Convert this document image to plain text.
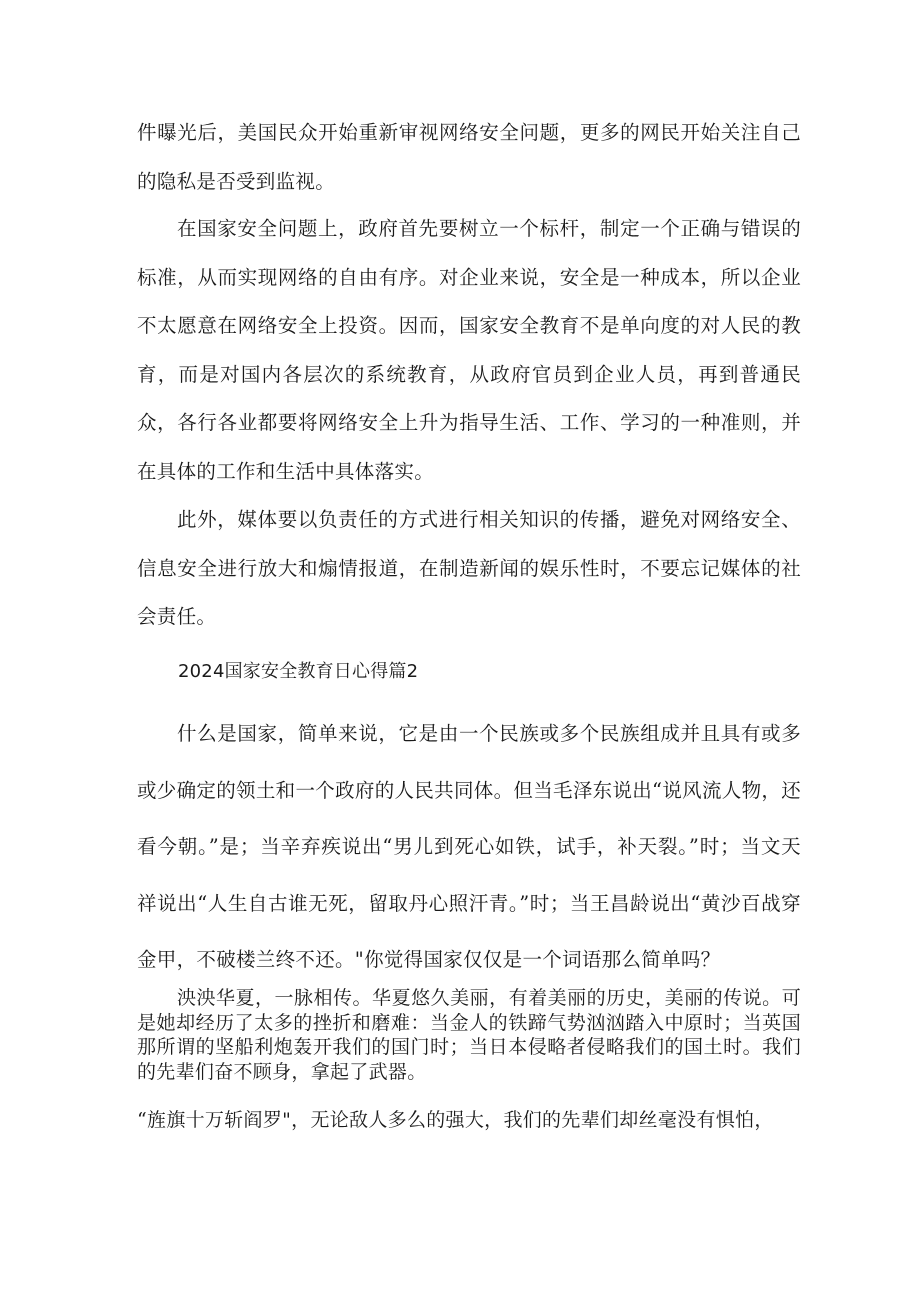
件曝光后，美国民众开始重新审视网络安全问题，更多的网民开始关注自己的隐私是否受到监视。

在国家安全问题上，政府首先要树立一个标杆，制定一个正确与错误的标准，从而实现网络的自由有序。对企业来说，安全是一种成本，所以企业不太愿意在网络安全上投资。因而，国家安全教育不是单向度的对人民的教育，而是对国内各层次的系统教育，从政府官员到企业人员，再到普通民众，各行各业都要将网络安全上升为指导生活、工作、学习的一种准则，并在具体的工作和生活中具体落实。

此外，媒体要以负责任的方式进行相关知识的传播，避免对网络安全、信息安全进行放大和煽情报道，在制造新闻的娱乐性时，不要忘记媒体的社会责任。

2024国家安全教育日心得篇2

什么是国家，简单来说，它是由一个民族或多个民族组成并且具有或多或少确定的领土和一个政府的人民共同体。但当毛泽东说出“说风流人物，还看今朝。”是；当辛弃疾说出“男儿到死心如铁，试手，补天裂。”时；当文天祥说出“人生自古谁无死，留取丹心照汗青。”时；当王昌龄说出“黄沙百战穿金甲，不破楼兰终不还。"你觉得国家仅仅是一个词语那么简单吗？

泱泱华夏，一脉相传。华夏悠久美丽，有着美丽的历史，美丽的传说。可是她却经历了太多的挫折和磨难：当金人的铁蹄气势汹汹踏入中原时；当英国那所谓的坚船利炮轰开我们的国门时；当日本侵略者侵略我们的国土时。我们的先辈们奋不顾身，拿起了武器。

“旌旗十万斩阎罗"，无论敌人多么的强大，我们的先辈们却丝毫没有惧怕，
